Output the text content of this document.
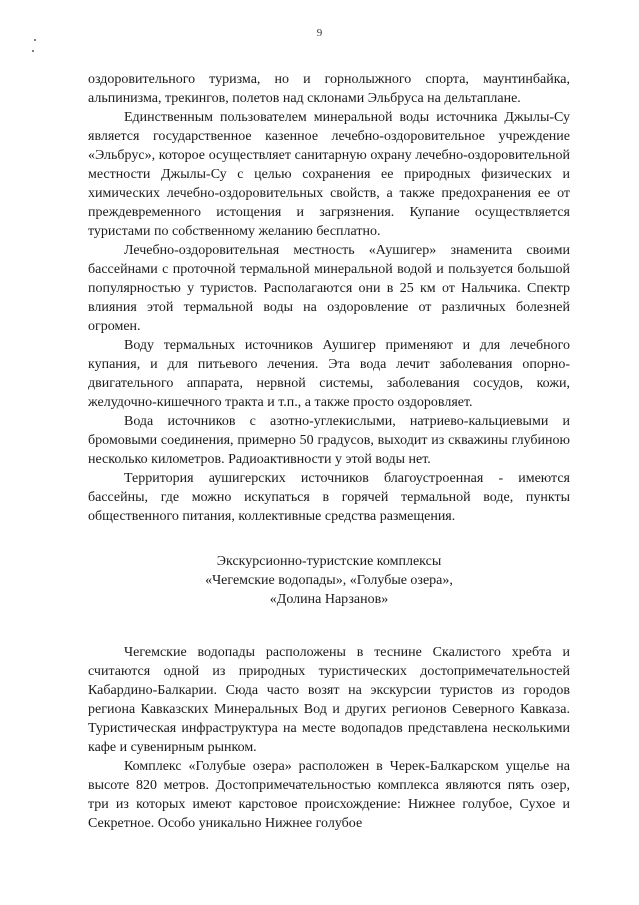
9

оздоровительного туризма, но и горнолыжного спорта, маунтинбайка, альпинизма, трекингов, полетов над склонами Эльбруса на дельтаплане.

Единственным пользователем минеральной воды источника Джылы-Су является государственное казенное лечебно-оздоровительное учреждение «Эльбрус», которое осуществляет санитарную охрану лечебно-оздоровительной местности Джылы-Су с целью сохранения ее природных физических и химических лечебно-оздоровительных свойств, а также предохранения ее от преждевременного истощения и загрязнения. Купание осуществляется туристами по собственному желанию бесплатно.

Лечебно-оздоровительная местность «Аушигер» знаменита своими бассейнами с проточной термальной минеральной водой и пользуется большой популярностью у туристов. Располагаются они в 25 км от Нальчика. Спектр влияния этой термальной воды на оздоровление от различных болезней огромен.

Воду термальных источников Аушигер применяют и для лечебного купания, и для питьевого лечения. Эта вода лечит заболевания опорно-двигательного аппарата, нервной системы, заболевания сосудов, кожи, желудочно-кишечного тракта и т.п., а также просто оздоровляет.

Вода источников с азотно-углекислыми, натриево-кальциевыми и бромовыми соединения, примерно 50 градусов, выходит из скважины глубиною несколько километров. Радиоактивности у этой воды нет.

Территория аушигерских источников благоустроенная - имеются бассейны, где можно искупаться в горячей термальной воде, пункты общественного питания, коллективные средства размещения.

Экскурсионно-туристские комплексы
«Чегемские водопады», «Голубые озера»,
«Долина Нарзанов»

Чегемские водопады расположены в теснине Скалистого хребта и считаются одной из природных туристических достопримечательностей Кабардино-Балкарии. Сюда часто возят на экскурсии туристов из городов региона Кавказских Минеральных Вод и других регионов Северного Кавказа. Туристическая инфраструктура на месте водопадов представлена несколькими кафе и сувенирным рынком.

Комплекс «Голубые озера» расположен в Черек-Балкарском ущелье на высоте 820 метров. Достопримечательностью комплекса являются пять озер, три из которых имеют карстовое происхождение: Нижнее голубое, Сухое и Секретное. Особо уникально Нижнее голубое
